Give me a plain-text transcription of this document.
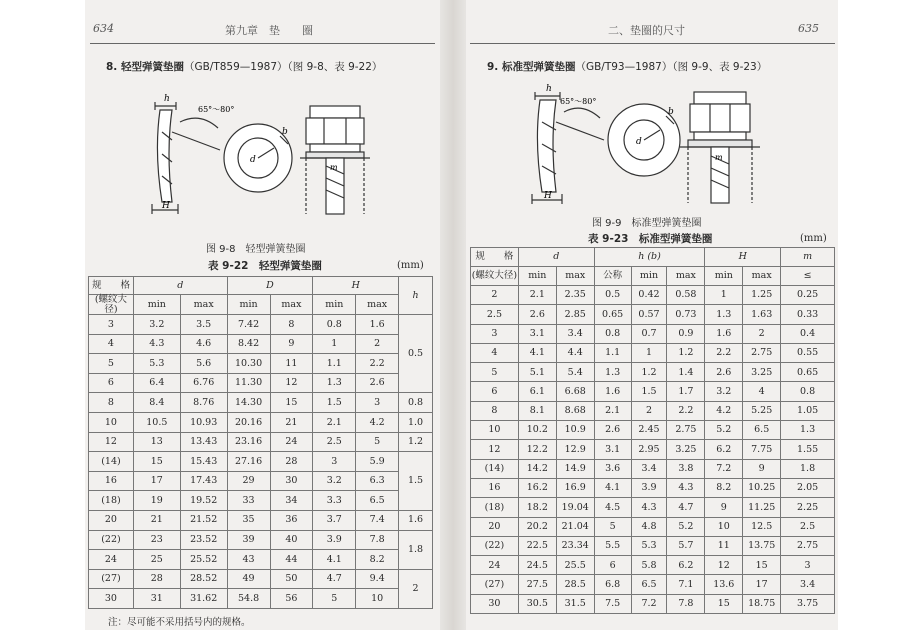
634	第九章　垫　　圈
8. 轻型弹簧垫圈（GB/T859—1987）（图 9-8、表 9-22）
h
H
65°～80°
d
b
m
图 9-8　轻型弹簧垫圈
表 9-22　轻型弹簧垫圈	(mm)
规　　格	d		D		H		h
(螺纹大径)	min	max	min	max	min	max	
3	3.2	3.5	7.42	8	0.8	1.6	0.5
4	4.3	4.6	8.42	9	1	2	
5	5.3	5.6	10.30	11	1.1	2.2	
6	6.4	6.76	11.30	12	1.3	2.6	
8	8.4	8.76	14.30	15	1.5	3	0.8
10	10.5	10.93	20.16	21	2.1	4.2	1.0
12	13	13.43	23.16	24	2.5	5	1.2
(14)	15	15.43	27.16	28	3	5.9	1.5
16	17	17.43	29	30	3.2	6.3	
(18)	19	19.52	33	34	3.3	6.5	
20	21	21.52	35	36	3.7	7.4	1.6
(22)	23	23.52	39	40	3.9	7.8	1.8
24	25	25.52	43	44	4.1	8.2	
(27)	28	28.52	49	50	4.7	9.4	2
30	31	31.62	54.8	56	5	10	
注：尽可能不采用括号内的规格。
二、垫圈的尺寸	635
9. 标准型弹簧垫圈（GB/T93—1987）（图 9-9、表 9-23）
h
H
65°～80°
d
b
m
图 9-9　标准型弹簧垫圈
表 9-23　标准型弹簧垫圈	(mm)
规　　格	d		h (b)			H		m
(螺纹大径)	min	max	公称	min	max	min	max	≤
2	2.1	2.35	0.5	0.42	0.58	1	1.25	0.25
2.5	2.6	2.85	0.65	0.57	0.73	1.3	1.63	0.33
3	3.1	3.4	0.8	0.7	0.9	1.6	2	0.4
4	4.1	4.4	1.1	1	1.2	2.2	2.75	0.55
5	5.1	5.4	1.3	1.2	1.4	2.6	3.25	0.65
6	6.1	6.68	1.6	1.5	1.7	3.2	4	0.8
8	8.1	8.68	2.1	2	2.2	4.2	5.25	1.05
10	10.2	10.9	2.6	2.45	2.75	5.2	6.5	1.3
12	12.2	12.9	3.1	2.95	3.25	6.2	7.75	1.55
(14)	14.2	14.9	3.6	3.4	3.8	7.2	9	1.8
16	16.2	16.9	4.1	3.9	4.3	8.2	10.25	2.05
(18)	18.2	19.04	4.5	4.3	4.7	9	11.25	2.25
20	20.2	21.04	5	4.8	5.2	10	12.5	2.5
(22)	22.5	23.34	5.5	5.3	5.7	11	13.75	2.75
24	24.5	25.5	6	5.8	6.2	12	15	3
(27)	27.5	28.5	6.8	6.5	7.1	13.6	17	3.4
30	30.5	31.5	7.5	7.2	7.8	15	18.75	3.75
